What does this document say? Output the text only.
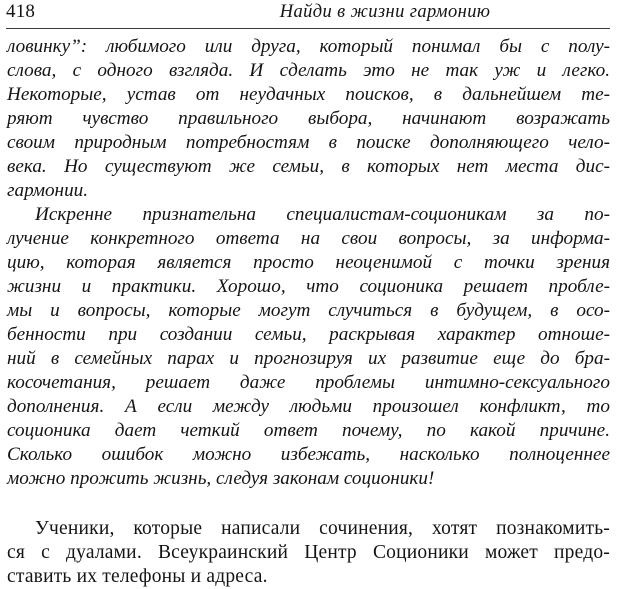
418	Найди в жизни гармонию
ловинку”: любимого или друга, который понимал бы с полу-
слова, с одного взгляда. И сделать это не так уж и легко.
Некоторые, устав от неудачных поисков, в дальнейшем те-
ряют чувство правильного выбора, начинают возражать
своим природным потребностям в поиске дополняющего чело-
века. Но существуют же семьи, в которых нет места дис-
гармонии.
Искренне признательна специалистам-соционикам за по-
лучение конкретного ответа на свои вопросы, за информа-
цию, которая является просто неоценимой с точки зрения
жизни и практики. Хорошо, что соционика решает пробле-
мы и вопросы, которые могут случиться в будущем, в осо-
бенности при создании семьи, раскрывая характер отноше-
ний в семейных парах и прогнозируя их развитие еще до бра-
косочетания, решает даже проблемы интимно-сексуального
дополнения. А если между людьми произошел конфликт, то
соционика дает четкий ответ почему, по какой причине.
Сколько ошибок можно избежать, насколько полноценнее
можно прожить жизнь, следуя законам соционики!
Ученики, которые написали сочинения, хотят познакомить-
ся с дуалами. Всеукраинский Центр Соционики может предо-
ставить их телефоны и адреса.
